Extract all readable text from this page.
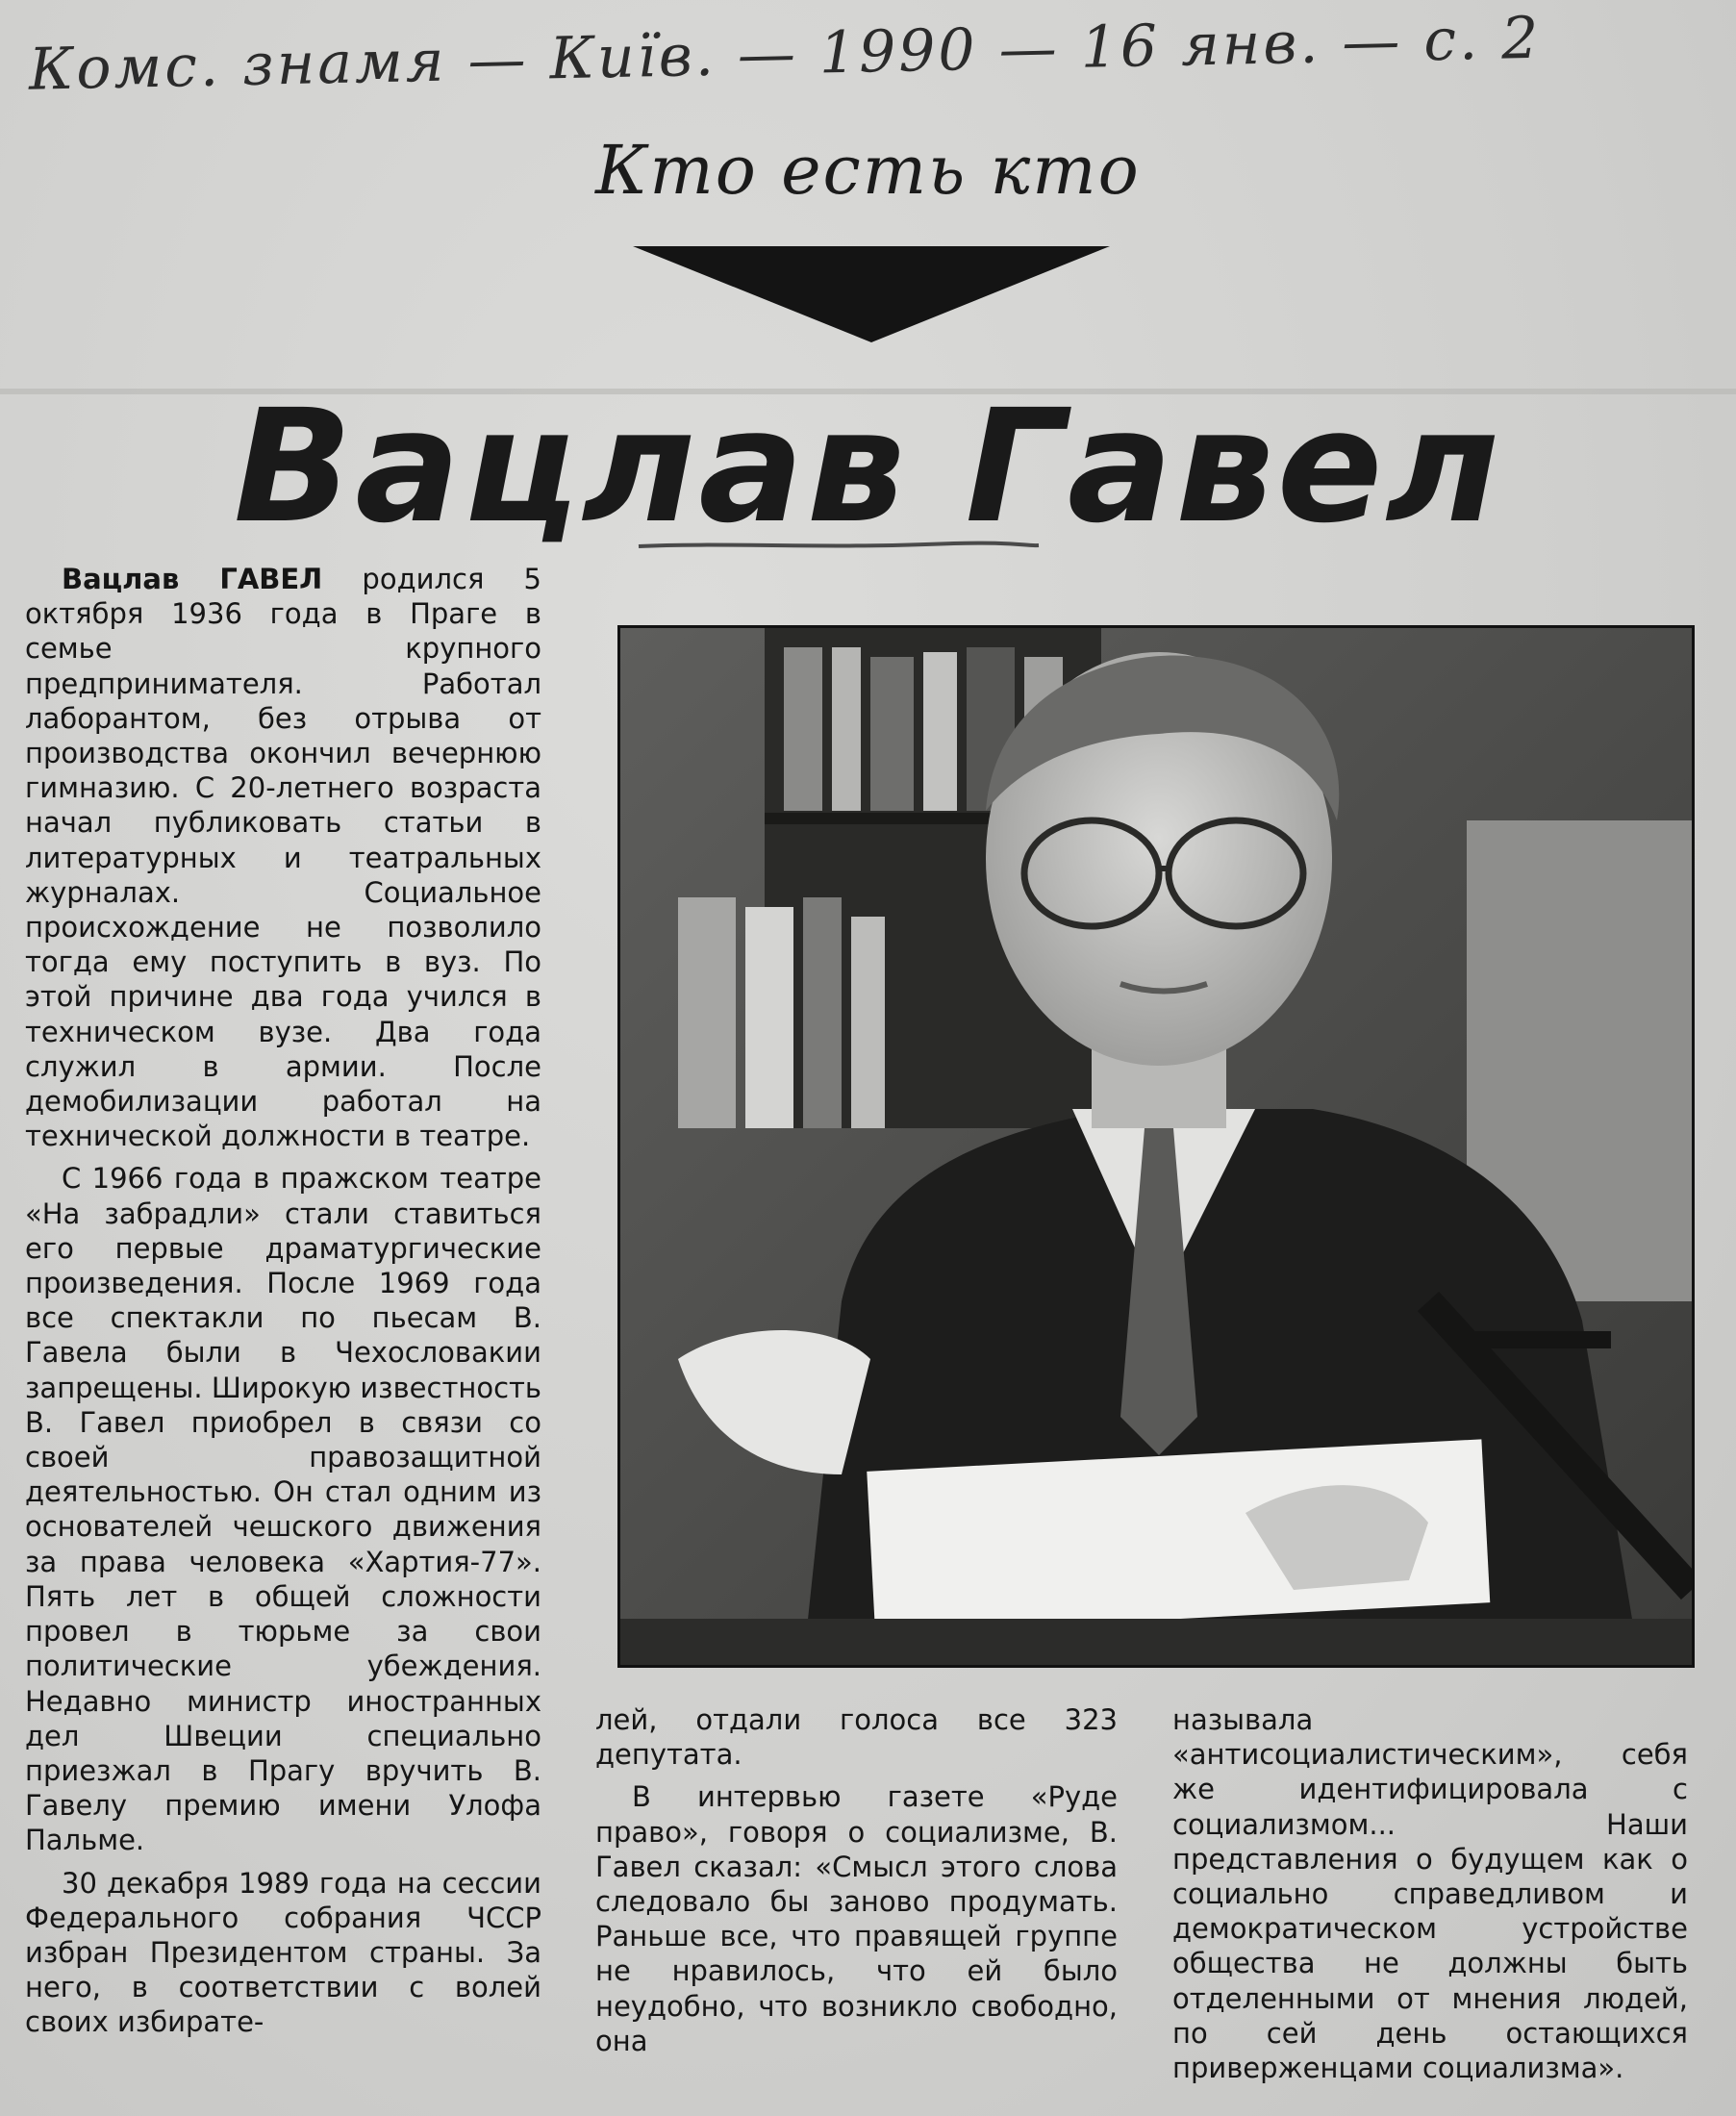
Комс. знамя — Київ. — 1990 — 16 янв. — с. 2
Кто есть кто
Вацлав Гавел

Вацлав ГАВЕЛ родился 5 октября 1936 года в Праге в семье крупного предпринимателя. Работал лаборантом, без отрыва от производства окончил вечернюю гимназию. С 20-летнего возраста начал публиковать статьи в литературных и театральных журналах. Социальное происхождение не позволило тогда ему поступить в вуз. По этой причине два года учился в техническом вузе. Два года служил в армии. После демобилизации работал на технической должности в театре.

С 1966 года в пражском театре «На забрадли» стали ставиться его первые драматургические произведения. После 1969 года все спектакли по пьесам В. Гавела были в Чехословакии запрещены. Широкую известность В. Гавел приобрел в связи со своей правозащитной деятельностью. Он стал одним из основателей чешского движения за права человека «Хартия-77». Пять лет в общей сложности провел в тюрьме за свои политические убеждения. Недавно министр иностранных дел Швеции специально приезжал в Прагу вручить В. Гавелу премию имени Улофа Пальме.

30 декабря 1989 года на сессии Федерального собрания ЧССР избран Президентом страны. За него, в соответствии с волей своих избирате-

лей, отдали голоса все 323 депутата.

В интервью газете «Руде право», говоря о социализме, В. Гавел сказал: «Смысл этого слова следовало бы заново продумать. Раньше все, что правящей группе не нравилось, что ей было неудобно, что возникло свободно, она

называла «антисоциалистическим», себя же идентифицировала с социализмом... Наши представления о будущем как о социально справедливом и демократическом устройстве общества не должны быть отделенными от мнения людей, по сей день остающихся приверженцами социализма».
